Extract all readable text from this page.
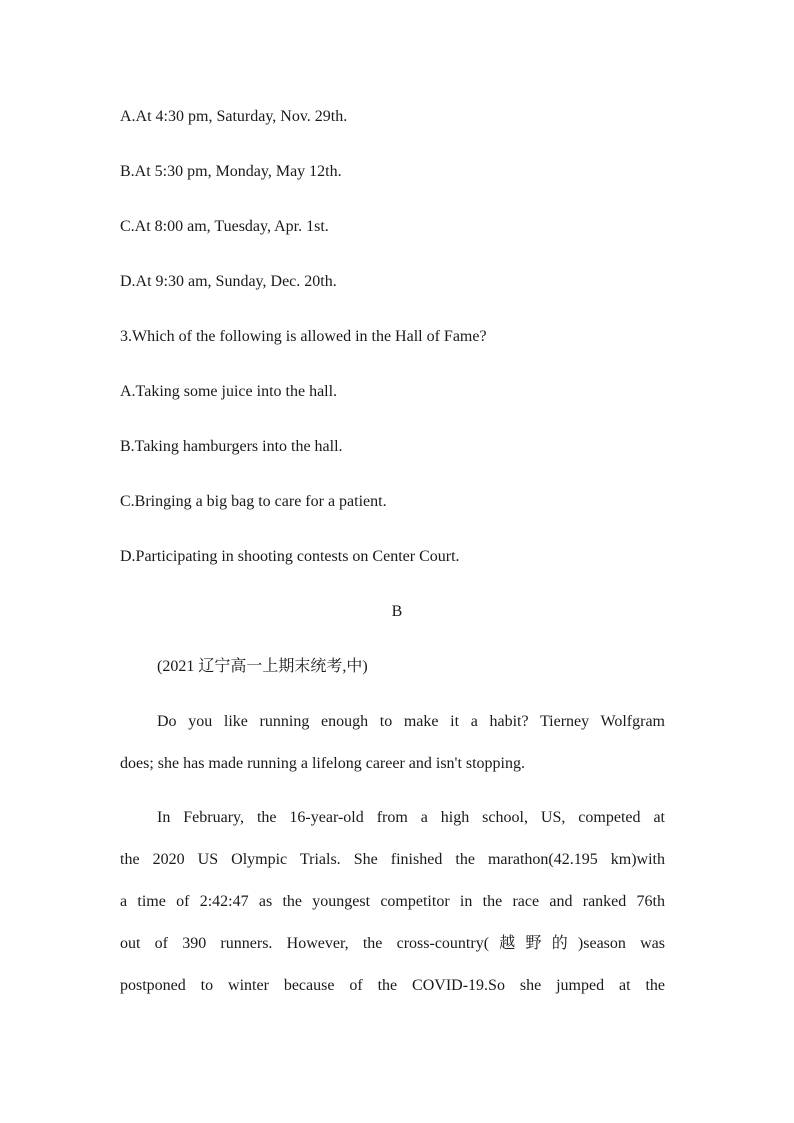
A.At 4:30 pm, Saturday, Nov. 29th.
B.At 5:30 pm, Monday, May 12th.
C.At 8:00 am, Tuesday, Apr. 1st.
D.At 9:30 am, Sunday, Dec. 20th.
3.Which of the following is allowed in the Hall of Fame?
A.Taking some juice into the hall.
B.Taking hamburgers into the hall.
C.Bringing a big bag to care for a patient.
D.Participating in shooting contests on Center Court.
B
(2021 辽宁高一上期末统考,中)
Do you like running enough to make it a habit? Tierney Wolfgram
does; she has made running a lifelong career and isn't stopping.
In February, the 16-year-old from a high school, US, competed at
the 2020 US Olympic Trials. She finished the marathon(42.195 km)with
a time of 2:42:47 as the youngest competitor in the race and ranked 76th
out of 390 runners. However, the cross-country(越野的)season was
postponed to winter because of the COVID-19.So she jumped at the
